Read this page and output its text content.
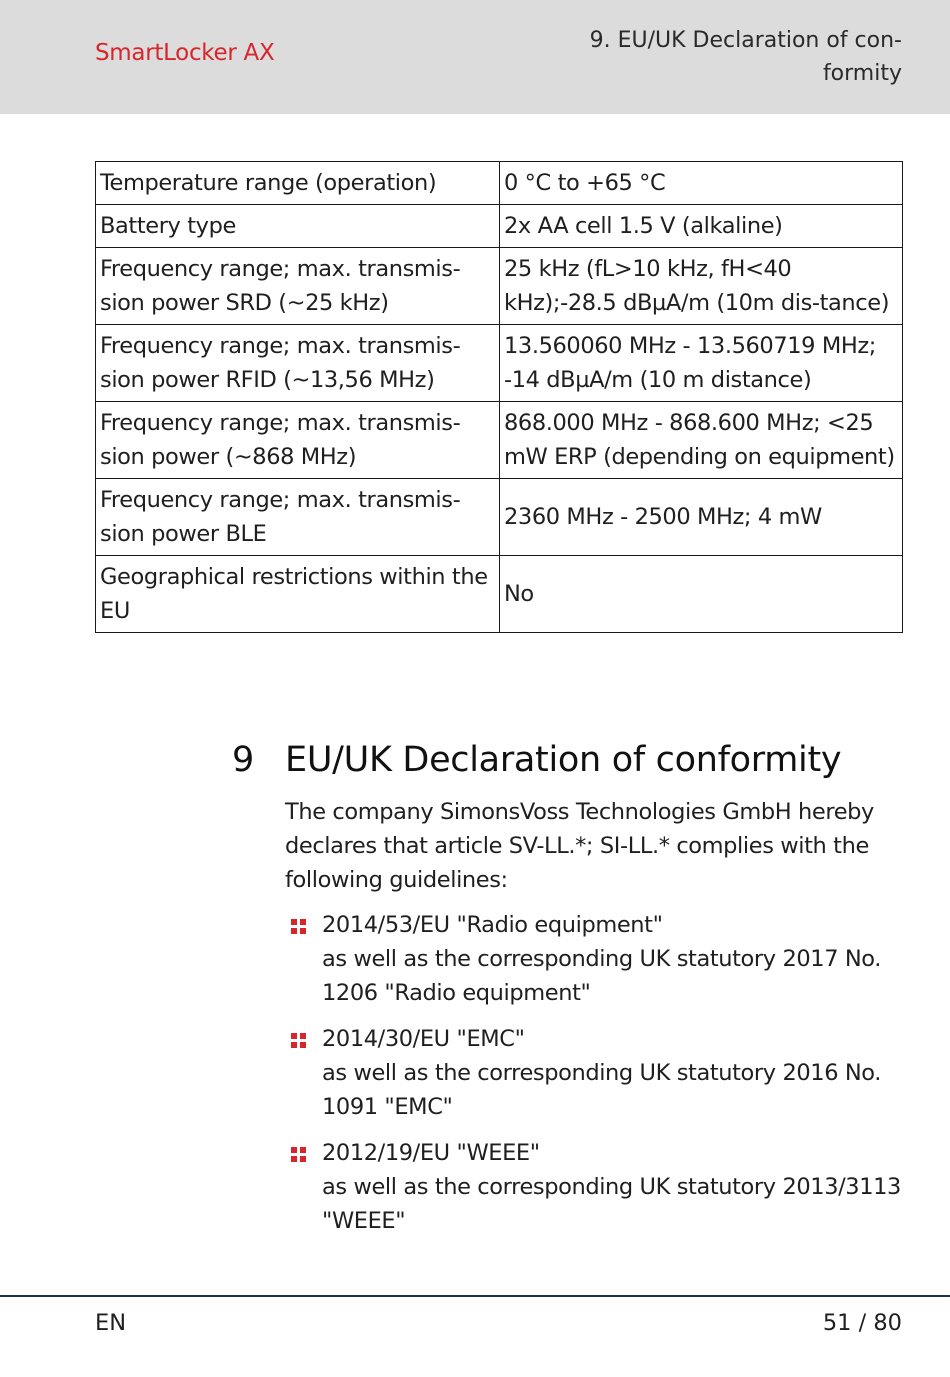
SmartLocker AX	9. EU/UK Declaration of con-
formity
Temperature range (operation)	0 °C to +65 °C
Battery type	2x AA cell 1.5 V (alkaline)
Frequency range; max. transmis-sion power SRD (~25 kHz)	25 kHz (fL>10 kHz, fH<40 kHz);-28.5 dBµA/m (10m dis-tance)
Frequency range; max. transmis-sion power RFID (~13,56 MHz)	13.560060 MHz - 13.560719 MHz; -14 dBµA/m (10 m distance)
Frequency range; max. transmis-sion power (~868 MHz)	868.000 MHz - 868.600 MHz; <25 mW ERP (depending on equipment)
Frequency range; max. transmis-sion power BLE	2360 MHz - 2500 MHz; 4 mW
Geographical restrictions within the EU	No
9 EU/UK Declaration of conformity
The company SimonsVoss Technologies GmbH hereby declares that article SV-LL.*; SI-LL.* complies with the following guidelines:
2014/53/EU "Radio equipment"
as well as the corresponding UK statutory 2017 No. 1206 "Radio equipment"
2014/30/EU "EMC"
as well as the corresponding UK statutory 2016 No. 1091 "EMC"
2012/19/EU "WEEE"
as well as the corresponding UK statutory 2013/3113 "WEEE"
EN	51 / 80
